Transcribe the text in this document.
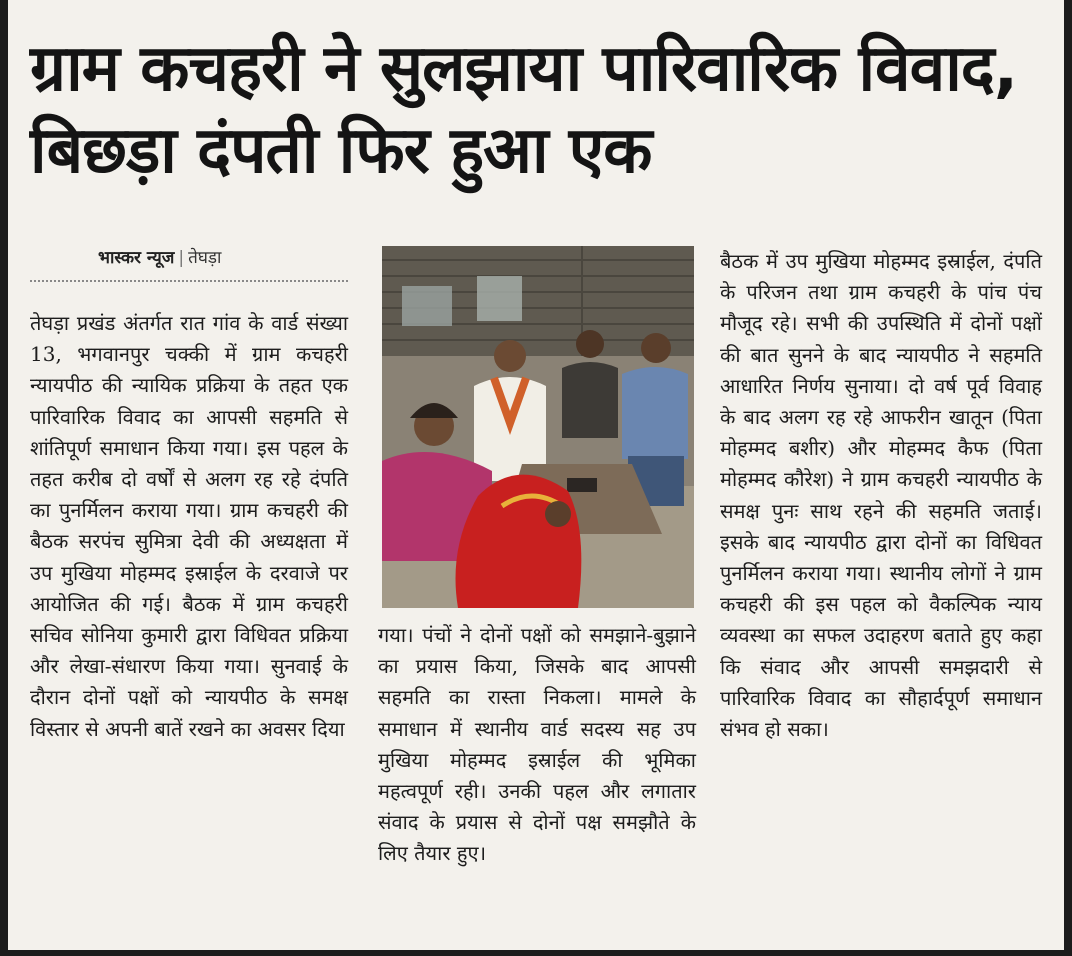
ग्राम कचहरी ने सुलझाया पारिवारिक विवाद, बिछड़ा दंपती फिर हुआ एक
भास्कर न्यूज | तेघड़ा

तेघड़ा प्रखंड अंतर्गत रात गांव के वार्ड संख्या 13, भगवानपुर चक्की में ग्राम कचहरी न्यायपीठ की न्यायिक प्रक्रिया के तहत एक पारिवारिक विवाद का आपसी सहमति से शांतिपूर्ण समाधान किया गया। इस पहल के तहत करीब दो वर्षों से अलग रह रहे दंपति का पुनर्मिलन कराया गया। ग्राम कचहरी की बैठक सरपंच सुमित्रा देवी की अध्यक्षता में उप मुखिया मोहम्मद इस्राईल के दरवाजे पर आयोजित की गई। बैठक में ग्राम कचहरी सचिव सोनिया कुमारी द्वारा विधिवत प्रक्रिया और लेखा-संधारण किया गया। सुनवाई के दौरान दोनों पक्षों को न्यायपीठ के समक्ष विस्तार से अपनी बातें रखने का अवसर दिया

गया। पंचों ने दोनों पक्षों को समझाने-बुझाने का प्रयास किया, जिसके बाद आपसी सहमति का रास्ता निकला। मामले के समाधान में स्थानीय वार्ड सदस्य सह उप मुखिया मोहम्मद इस्राईल की भूमिका महत्वपूर्ण रही। उनकी पहल और लगातार संवाद के प्रयास से दोनों पक्ष समझौते के लिए तैयार हुए।

बैठक में उप मुखिया मोहम्मद इस्राईल, दंपति के परिजन तथा ग्राम कचहरी के पांच पंच मौजूद रहे। सभी की उपस्थिति में दोनों पक्षों की बात सुनने के बाद न्यायपीठ ने सहमति आधारित निर्णय सुनाया। दो वर्ष पूर्व विवाह के बाद अलग रह रहे आफरीन खातून (पिता मोहम्मद बशीर) और मोहम्मद कैफ (पिता मोहम्मद कौरेश) ने ग्राम कचहरी न्यायपीठ के समक्ष पुनः साथ रहने की सहमति जताई। इसके बाद न्यायपीठ द्वारा दोनों का विधिवत पुनर्मिलन कराया गया। स्थानीय लोगों ने ग्राम कचहरी की इस पहल को वैकल्पिक न्याय व्यवस्था का सफल उदाहरण बताते हुए कहा कि संवाद और आपसी समझदारी से पारिवारिक विवाद का सौहार्दपूर्ण समाधान संभव हो सका।
